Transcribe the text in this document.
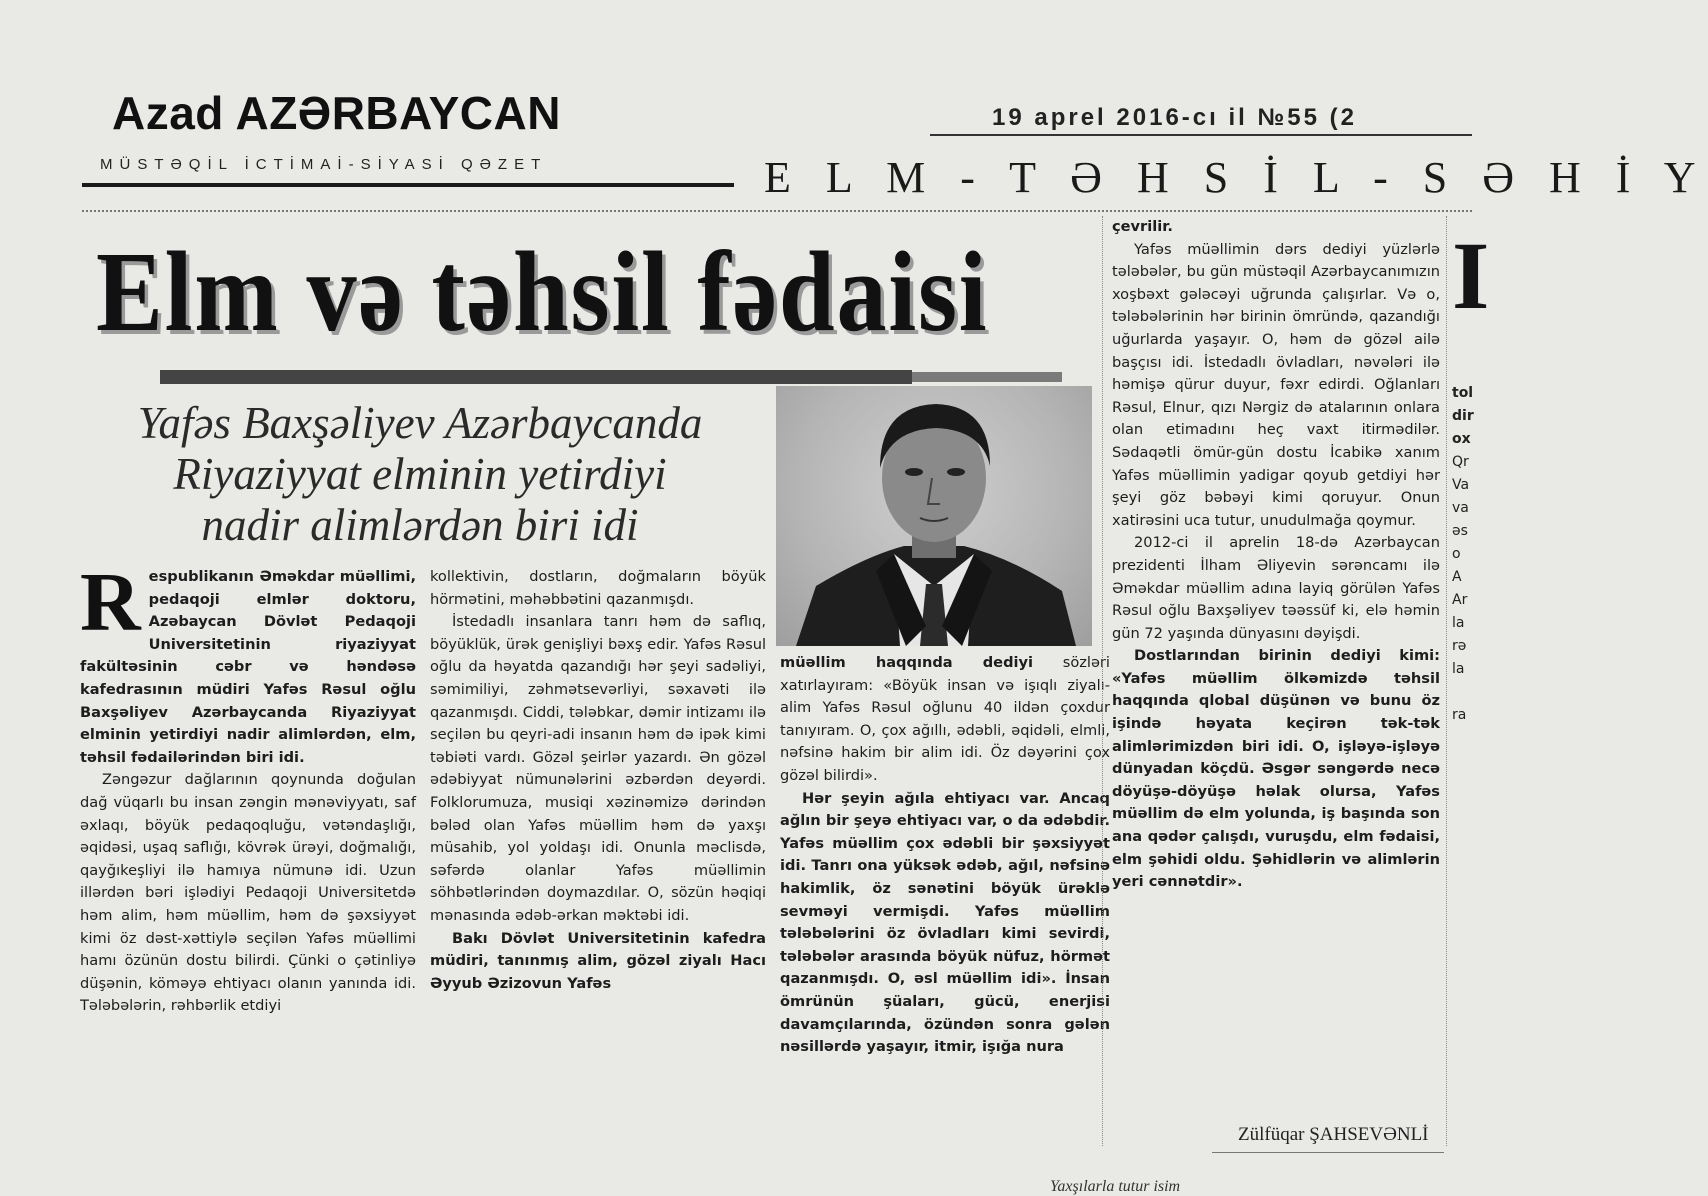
Azad AZƏRBAYCAN
MÜSTƏQİL İCTİMAİ-SİYASİ QƏZET
19 aprel 2016-cı il №55 (2
E L M - T Ə H S İ L - S Ə H İ Y
Elm və təhsil fədaisi
Yafəs Baxşəliyev Azərbaycanda
Riyaziyyat elminin yetirdiyi
nadir alimlərdən biri idi

Respublikanın Əməkdar müəllimi, pedaqoji elmlər doktoru, Azəbaycan Dövlət Pedaqoji Universitetinin riyaziyyat fakültəsinin cəbr və həndəsə kafedrasının müdiri Yafəs Rəsul oğlu Baxşəliyev Azərbaycanda Riyaziyyat elminin yetirdiyi nadir alimlərdən, elm, təhsil fədailərindən biri idi.

Zəngəzur dağlarının qoynunda doğulan dağ vüqarlı bu insan zəngin mənəviyyatı, saf əxlaqı, böyük pedaqoqluğu, vətəndaşlığı, əqidəsi, uşaq saflığı, kövrək ürəyi, doğmalığı, qayğıkeşliyi ilə hamıya nümunə idi. Uzun illərdən bəri işlədiyi Pedaqoji Universitetdə həm alim, həm müəllim, həm də şəxsiyyət kimi öz dəst-xəttiylə seçilən Yafəs müəllimi hamı özünün dostu bilirdi. Çünki o çətinliyə düşənin, köməyə ehtiyacı olanın yanında idi. Tələbələrin, rəhbərlik etdiyi

kollektivin, dostların, doğmaların böyük hörmətini, məhəbbətini qazanmışdı.

İstedadlı insanlara tanrı həm də saflıq, böyüklük, ürək genişliyi bəxş edir. Yafəs Rəsul oğlu da həyatda qazandığı hər şeyi sadəliyi, səmimiliyi, zəhmətsevərliyi, səxavəti ilə qazanmışdı. Ciddi, tələbkar, dəmir intizamı ilə seçilən bu qeyri-adi insanın həm də ipək kimi təbiəti vardı. Gözəl şeirlər yazardı. Ən gözəl ədəbiyyat nümunələrini əzbərdən deyərdi. Folklorumuza, musiqi xəzinəmizə dərindən bələd olan Yafəs müəllim həm də yaxşı müsahib, yol yoldaşı idi. Onunla məclisdə, səfərdə olanlar Yafəs müəllimin söhbətlərindən doymazdılar. O, sözün həqiqi mənasında ədəb-ərkan məktəbi idi.

Bakı Dövlət Universitetinin kafedra müdiri, tanınmış alim, gözəl ziyalı Hacı Əyyub Əzizovun Yafəs

müəllim haqqında dediyi sözləri xatırlayıram: «Böyük insan və işıqlı ziyalı-alim Yafəs Rəsul oğlunu 40 ildən çoxdur tanıyıram. O, çox ağıllı, ədəbli, əqidəli, elmli, nəfsinə hakim bir alim idi. Öz dəyərini çox gözəl bilirdi».

Hər şeyin ağıla ehtiyacı var. Ancaq ağlın bir şeyə ehtiyacı var, o da ədəbdir. Yafəs müəllim çox ədəbli bir şəxsiyyət idi. Tanrı ona yüksək ədəb, ağıl, nəfsinə hakimlik, öz sənətini böyük ürəklə sevməyi vermişdi. Yafəs müəllim tələbələrini öz övladları kimi sevirdi, tələbələr arasında böyük nüfuz, hörmət qazanmışdı. O, əsl müəllim idi». İnsan ömrünün şüaları, gücü, enerjisi davamçılarında, özündən sonra gələn nəsillərdə yaşayır, itmir, işığa nura

çevrilir.

Yafəs müəllimin dərs dediyi yüzlərlə tələbələr, bu gün müstəqil Azərbaycanımızın xoşbəxt gələcəyi uğrunda çalışırlar. Və o, tələbələrinin hər birinin ömründə, qazandığı uğurlarda yaşayır. O, həm də gözəl ailə başçısı idi. İstedadlı övladları, nəvələri ilə həmişə qürur duyur, fəxr edirdi. Oğlanları Rəsul, Elnur, qızı Nərgiz də atalarının onlara olan etimadını heç vaxt itirmədilər. Sədaqətli ömür-gün dostu İcabikə xanım Yafəs müəllimin yadigar qoyub getdiyi hər şeyi göz bəbəyi kimi qoruyur. Onun xatirəsini uca tutur, unudulmağa qoymur.

2012-ci il aprelin 18-də Azərbaycan prezidenti İlham Əliyevin sərəncamı ilə Əməkdar müəllim adına layiq görülən Yafəs Rəsul oğlu Baxşəliyev təəssüf ki, elə həmin gün 72 yaşında dünyasını dəyişdi.

Dostlarından birinin dediyi kimi: «Yafəs müəllim ölkəmizdə təhsil haqqında qlobal düşünən və bunu öz işində həyata keçirən tək-tək alimlərimizdən biri idi. O, işləyə-işləyə dünyadan köçdü. Əsgər səngərdə necə döyüşə-döyüşə həlak olursa, Yafəs müəllim də elm yolunda, iş başında son ana qədər çalışdı, vuruşdu, elm fədaisi, elm şəhidi oldu. Şəhidlərin və alimlərin yeri cənnətdir».

Zülfüqar ŞAHSEVƏNLİ
I
tol
dir
ox
Qr
Va
va
əs
o
A
Ar
la
rə
la
ra
Yaxşılarla tutur isim
